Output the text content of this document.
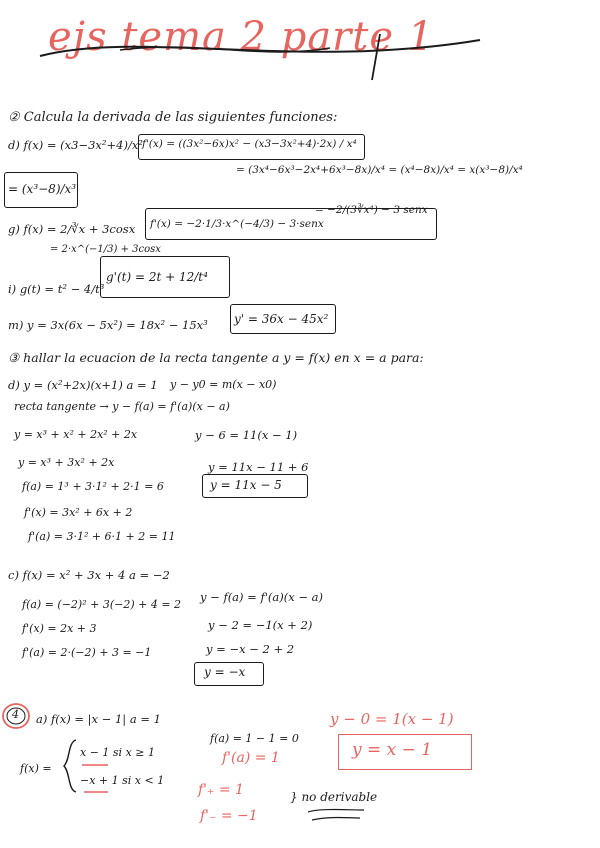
ejs tema 2 parte 1
② Calcula la derivada de las siguientes funciones:
d) f(x) = (x3−3x²+4)/x² f'(x) = ((3x²−6x)x² − (x3−3x²+4)·2x) / x⁴
= (3x⁴−6x³−2x⁴+6x³−8x)/x⁴ = (x⁴−8x)/x⁴ = x(x³−8)/x⁴
= (x³−8)/x³
g) f(x) = 2/∛x + 3cosx
= 2·x^(−1/3) + 3cosx
f'(x) = −2·1/3·x^(−4/3) − 3·senx
= −2/(3∛x⁴) − 3 senx
i) g(t) = t² − 4/t³
g'(t) = 2t + 12/t⁴
m) y = 3x(6x − 5x²) = 18x² − 15x³ y' = 36x − 45x²
③ hallar la ecuacion de la recta tangente a y = f(x) en x = a para:
d) y = (x²+2x)(x+1) a = 1 y − y0 = m(x − x0)
recta tangente → y − f(a) = f'(a)(x − a)
y = x³ + x² + 2x² + 2x
y = x³ + 3x² + 2x
f(a) = 1³ + 3·1² + 2·1 = 6
f'(x) = 3x² + 6x + 2
f'(a) = 3·1² + 6·1 + 2 = 11
y − 6 = 11(x − 1)
y = 11x − 11 + 6
y = 11x − 5
c) f(x) = x² + 3x + 4 a = −2
f(a) = (−2)² + 3(−2) + 4 = 2
f'(x) = 2x + 3
f'(a) = 2·(−2) + 3 = −1
y − f(a) = f'(a)(x − a)
y − 2 = −1(x + 2)
y = −x − 2 + 2
y = −x
4 a) f(x) = |x − 1| a = 1
f(x) =
x − 1 si x ≥ 1
−x + 1 si x < 1
f(a) = 1 − 1 = 0
f'(a) = 1
y − 0 = 1(x − 1)
y = x − 1
f'₊ = 1
f'₋ = −1
} no derivable
